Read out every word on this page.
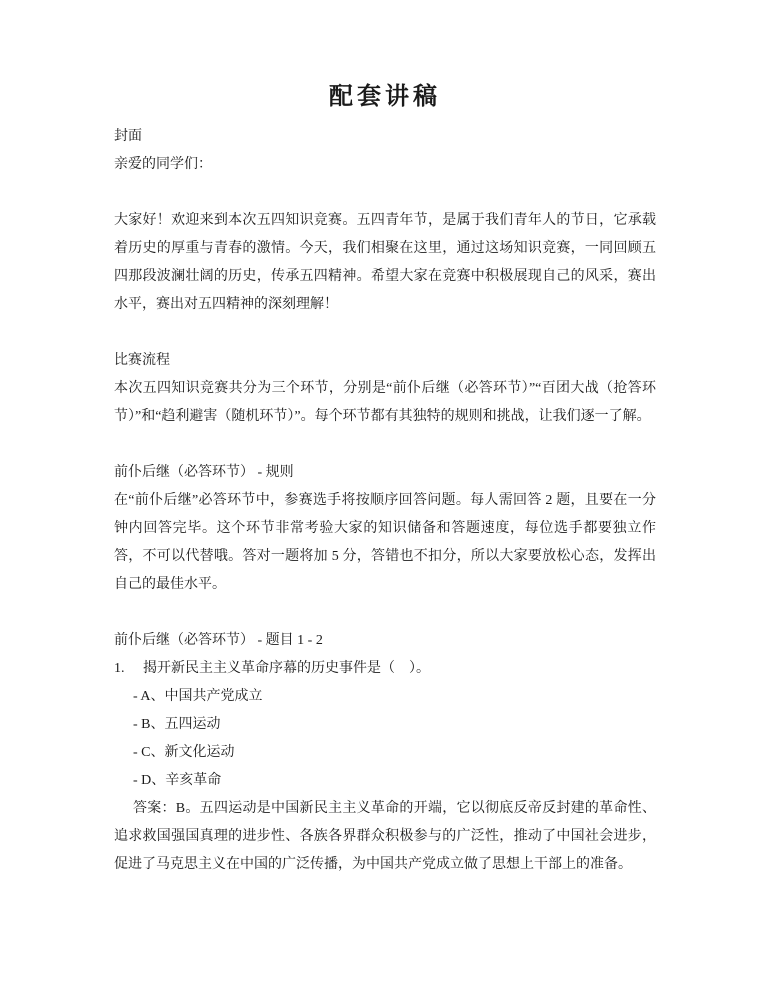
配套讲稿

封面

亲爱的同学们：

大家好！欢迎来到本次五四知识竞赛。五四青年节，是属于我们青年人的节日，它承载着历史的厚重与青春的激情。今天，我们相聚在这里，通过这场知识竞赛，一同回顾五四那段波澜壮阔的历史，传承五四精神。希望大家在竞赛中积极展现自己的风采，赛出水平，赛出对五四精神的深刻理解！

比赛流程

本次五四知识竞赛共分为三个环节，分别是“前仆后继（必答环节）”“百团大战（抢答环节）”和“趋利避害（随机环节）”。每个环节都有其独特的规则和挑战，让我们逐一了解。

前仆后继（必答环节） - 规则

在“前仆后继”必答环节中，参赛选手将按顺序回答问题。每人需回答 2 题，且要在一分钟内回答完毕。这个环节非常考验大家的知识储备和答题速度，每位选手都要独立作答，不可以代替哦。答对一题将加 5 分，答错也不扣分，所以大家要放松心态，发挥出自己的最佳水平。

前仆后继（必答环节） - 题目 1 - 2

1. 揭开新民主主义革命序幕的历史事件是（　）。

- A、中国共产党成立

- B、五四运动

- C、新文化运动

- D、辛亥革命

答案：B。五四运动是中国新民主主义革命的开端，它以彻底反帝反封建的革命性、追求救国强国真理的进步性、各族各界群众积极参与的广泛性，推动了中国社会进步，促进了马克思主义在中国的广泛传播，为中国共产党成立做了思想上干部上的准备。
